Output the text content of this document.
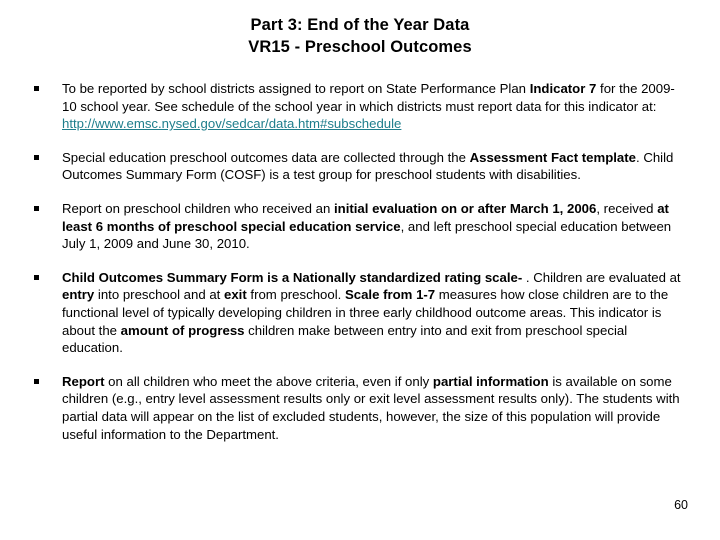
Part 3: End of the Year Data
VR15 - Preschool Outcomes
To be reported by school districts assigned to report on State Performance Plan Indicator 7 for the 2009-10 school year. See schedule of the school year in which districts must report data for this indicator at: http://www.emsc.nysed.gov/sedcar/data.htm#subschedule
Special education preschool outcomes data are collected through the Assessment Fact template. Child Outcomes Summary Form (COSF) is a test group for preschool students with disabilities.
Report on preschool children who received an initial evaluation on or after March 1, 2006, received at least 6 months of preschool special education service, and left preschool special education between July 1, 2009 and June 30, 2010.
Child Outcomes Summary Form is a Nationally standardized rating scale- . Children are evaluated at entry into preschool and at exit from preschool. Scale from 1-7 measures how close children are to the functional level of typically developing children in three early childhood outcome areas. This indicator is about the amount of progress children make between entry into and exit from preschool special education.
Report on all children who meet the above criteria, even if only partial information is available on some children (e.g., entry level assessment results only or exit level assessment results only). The students with partial data will appear on the list of excluded students, however, the size of this population will provide useful information to the Department.
60
